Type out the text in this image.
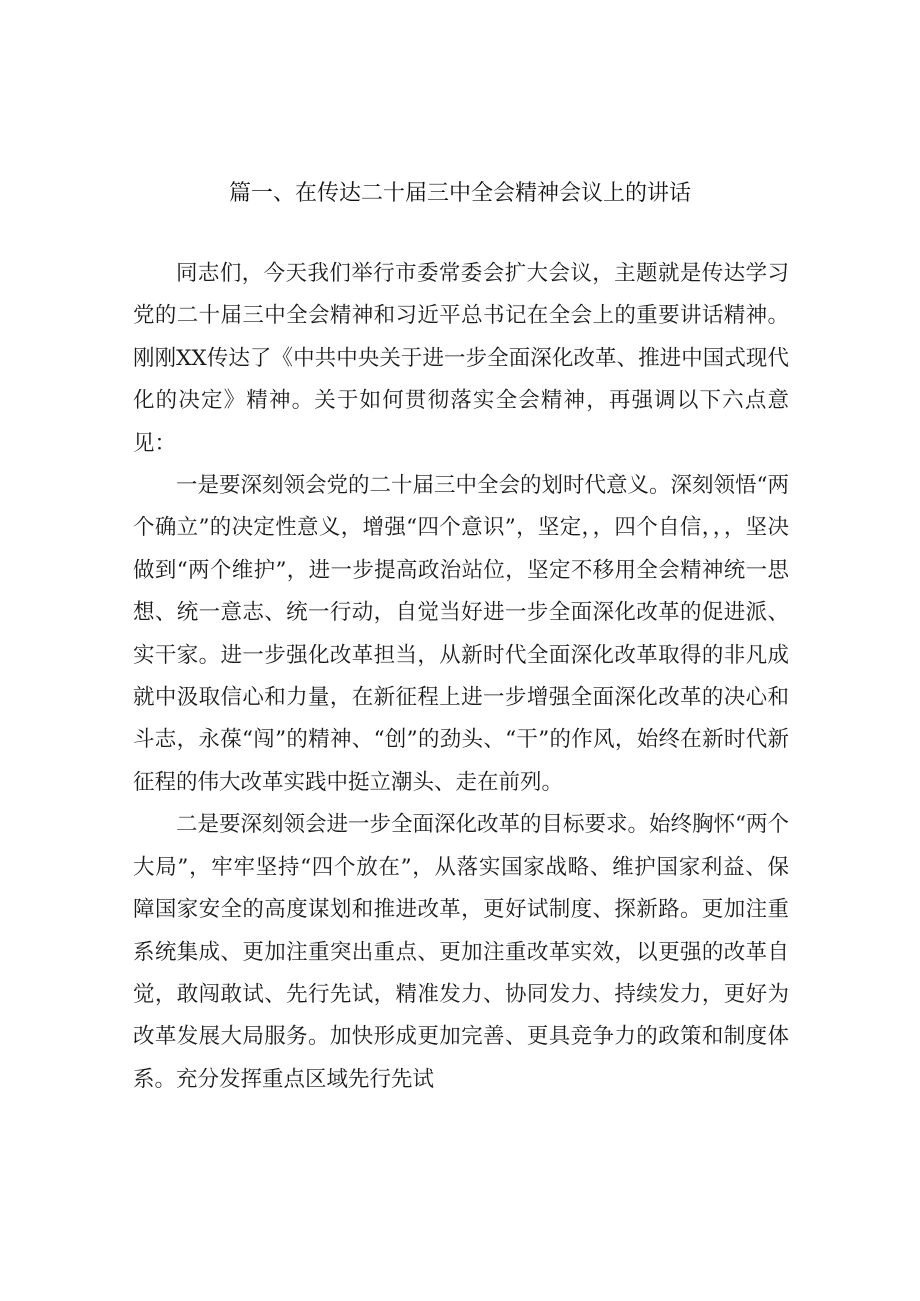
篇一、在传达二十届三中全会精神会议上的讲话

同志们，今天我们举行市委常委会扩大会议，主题就是传达学习党的二十届三中全会精神和习近平总书记在全会上的重要讲话精神。刚刚XX传达了《中共中央关于进一步全面深化改革、推进中国式现代化的决定》精神。关于如何贯彻落实全会精神，再强调以下六点意见：

一是要深刻领会党的二十届三中全会的划时代意义。深刻领悟“两个确立”的决定性意义，增强“四个意识”，坚定，，四个自信，，，坚决做到“两个维护”，进一步提高政治站位，坚定不移用全会精神统一思想、统一意志、统一行动，自觉当好进一步全面深化改革的促进派、实干家。进一步强化改革担当，从新时代全面深化改革取得的非凡成就中汲取信心和力量，在新征程上进一步增强全面深化改革的决心和斗志，永葆“闯”的精神、“创”的劲头、“干”的作风，始终在新时代新征程的伟大改革实践中挺立潮头、走在前列。

二是要深刻领会进一步全面深化改革的目标要求。始终胸怀“两个大局”，牢牢坚持“四个放在”，从落实国家战略、维护国家利益、保障国家安全的高度谋划和推进改革，更好试制度、探新路。更加注重系统集成、更加注重突出重点、更加注重改革实效，以更强的改革自觉，敢闯敢试、先行先试，精准发力、协同发力、持续发力，更好为改革发展大局服务。加快形成更加完善、更具竞争力的政策和制度体系。充分发挥重点区域先行先试
